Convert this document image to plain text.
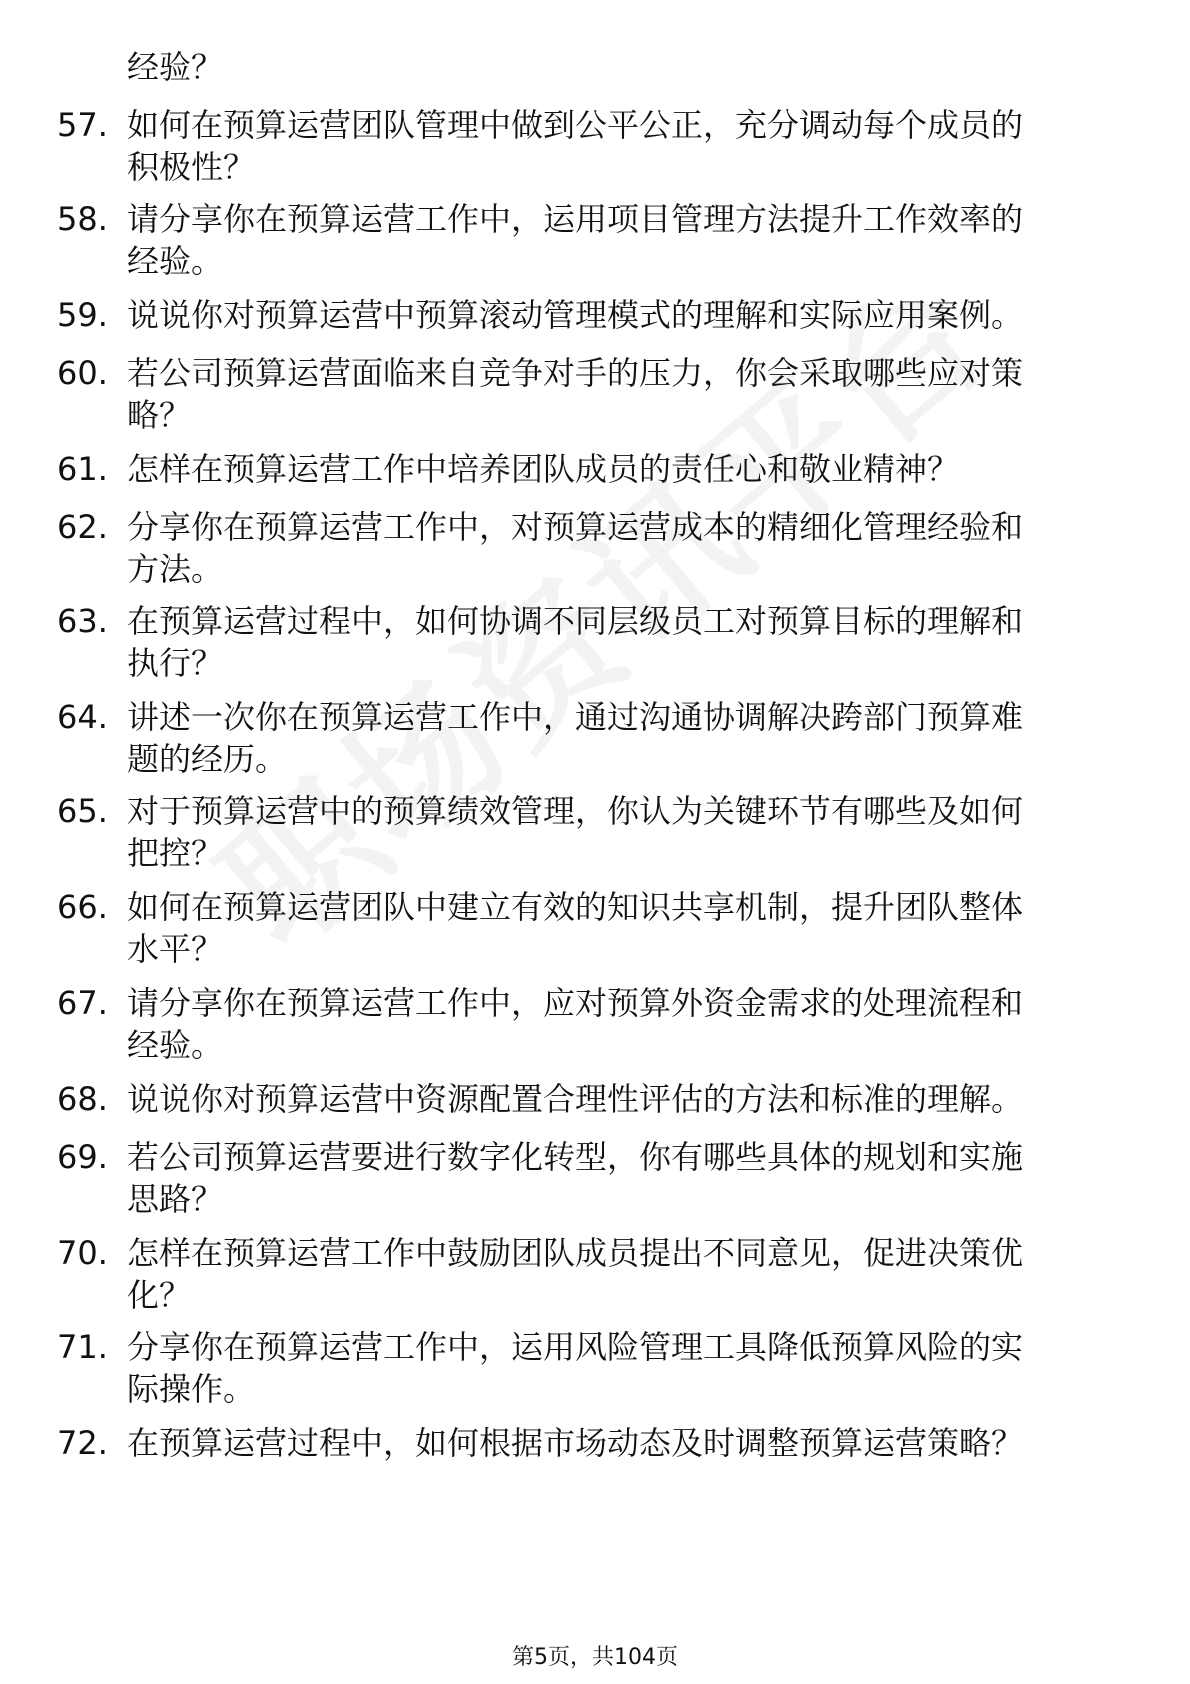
经验？
57. 如何在预算运营团队管理中做到公平公正，充分调动每个成员的
积极性？
58. 请分享你在预算运营工作中，运用项目管理方法提升工作效率的
经验。
59. 说说你对预算运营中预算滚动管理模式的理解和实际应用案例。
60. 若公司预算运营面临来自竞争对手的压力，你会采取哪些应对策
略？
61. 怎样在预算运营工作中培养团队成员的责任心和敬业精神？
62. 分享你在预算运营工作中，对预算运营成本的精细化管理经验和
方法。
63. 在预算运营过程中，如何协调不同层级员工对预算目标的理解和
执行？
64. 讲述一次你在预算运营工作中，通过沟通协调解决跨部门预算难
题的经历。
65. 对于预算运营中的预算绩效管理，你认为关键环节有哪些及如何
把控？
66. 如何在预算运营团队中建立有效的知识共享机制，提升团队整体
水平？
67. 请分享你在预算运营工作中，应对预算外资金需求的处理流程和
经验。
68. 说说你对预算运营中资源配置合理性评估的方法和标准的理解。
69. 若公司预算运营要进行数字化转型，你有哪些具体的规划和实施
思路？
70. 怎样在预算运营工作中鼓励团队成员提出不同意见，促进决策优
化？
71. 分享你在预算运营工作中，运用风险管理工具降低预算风险的实
际操作。
72. 在预算运营过程中，如何根据市场动态及时调整预算运营策略？
第5页，共104页
